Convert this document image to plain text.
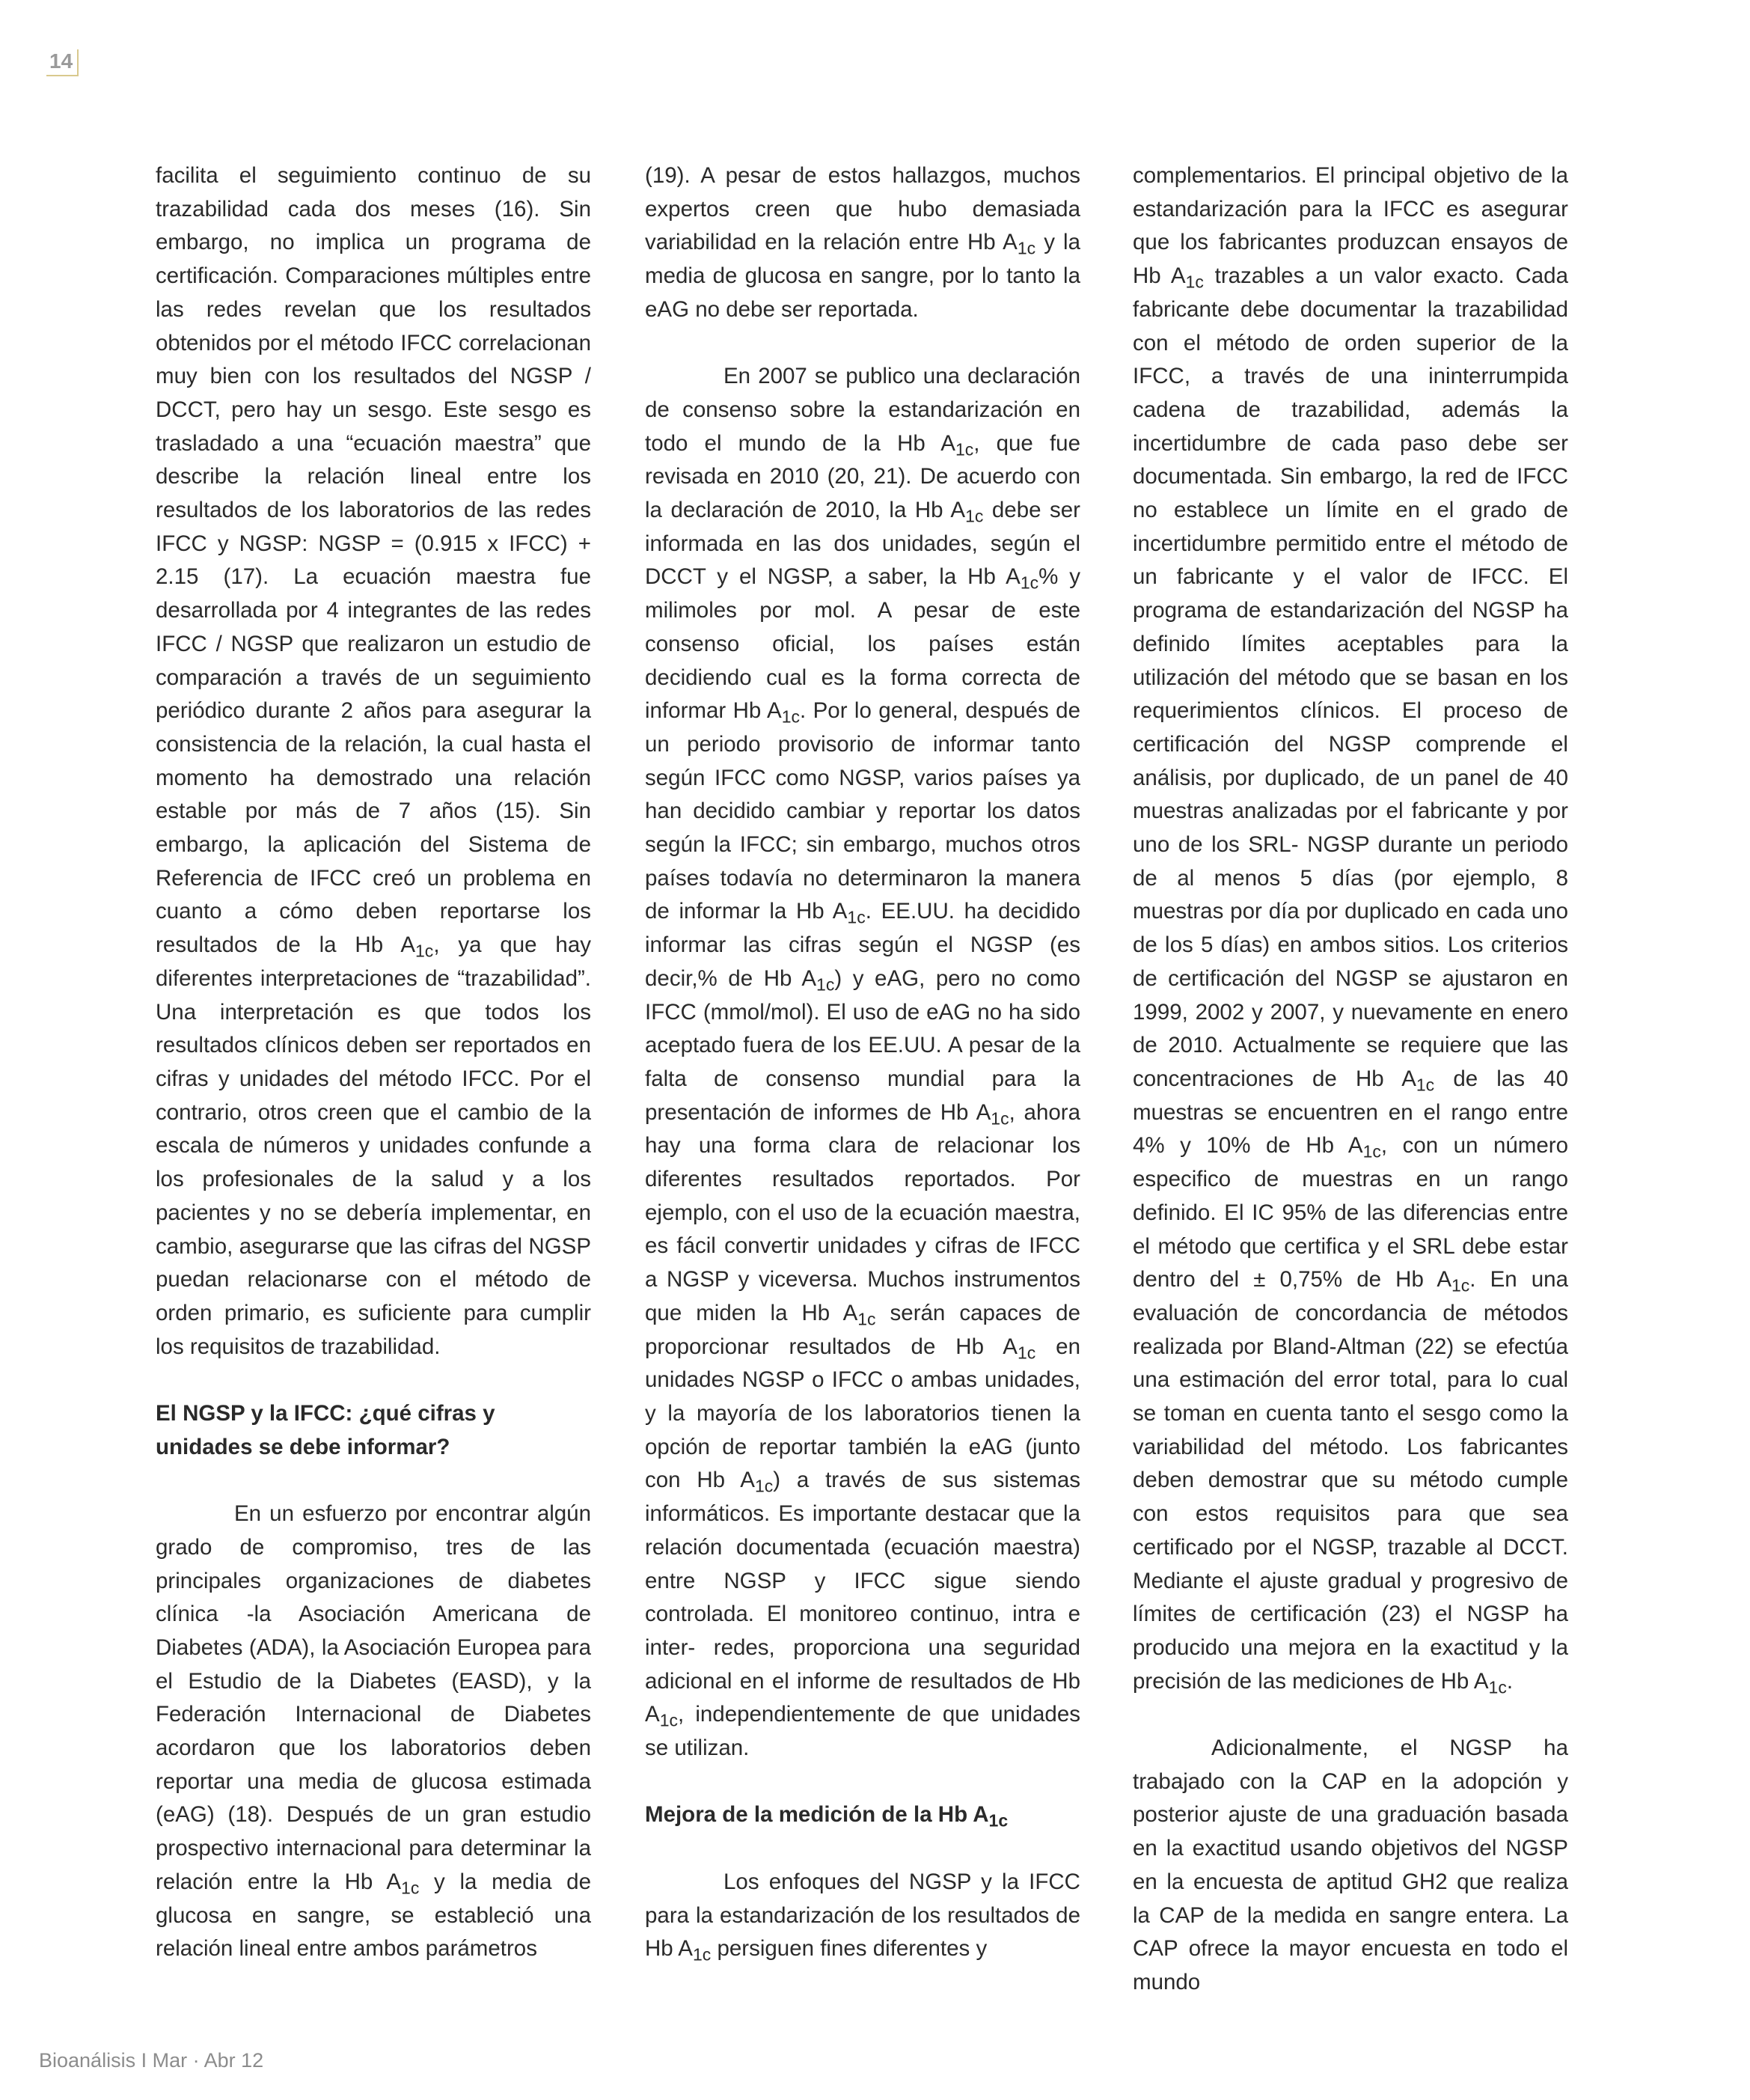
14

facilita el seguimiento continuo de su trazabilidad cada dos meses (16). Sin embargo, no implica un programa de certificación. Comparaciones múltiples entre las redes revelan que los resultados obtenidos por el método IFCC correlacionan muy bien con los resultados del NGSP / DCCT, pero hay un sesgo. Este sesgo es trasladado a una “ecuación maestra” que describe la relación lineal entre los resultados de los laboratorios de las redes IFCC y NGSP: NGSP = (0.915 x IFCC) + 2.15 (17). La ecuación maestra fue desarrollada por 4 integrantes de las redes IFCC / NGSP que realizaron un estudio de comparación a través de un seguimiento periódico durante 2 años para asegurar la consistencia de la relación, la cual hasta el momento ha demostrado una relación estable por más de 7 años (15). Sin embargo, la aplicación del Sistema de Referencia de IFCC creó un problema en cuanto a cómo deben reportarse los resultados de la Hb $A_{1c}$, ya que hay diferentes interpretaciones de “trazabilidad”. Una interpretación es que todos los resultados clínicos deben ser reportados en cifras y unidades del método IFCC. Por el contrario, otros creen que el cambio de la escala de números y unidades confunde a los profesionales de la salud y a los pacientes y no se debería implementar, en cambio, asegurarse que las cifras del NGSP puedan relacionarse con el método de orden primario, es suficiente para cumplir los requisitos de trazabilidad.

El NGSP y la IFCC: ¿qué cifras y unidades se debe informar?

En un esfuerzo por encontrar algún grado de compromiso, tres de las principales organizaciones de diabetes clínica -la Asociación Americana de Diabetes (ADA), la Asociación Europea para el Estudio de la Diabetes (EASD), y la Federación Internacional de Diabetes acordaron que los laboratorios deben reportar una media de glucosa estimada (eAG) (18). Después de un gran estudio prospectivo internacional para determinar la relación entre la Hb $A_{1c}$ y la media de glucosa en sangre, se estableció una relación lineal entre ambos parámetros

(19). A pesar de estos hallazgos, muchos expertos creen que hubo demasiada variabilidad en la relación entre Hb $A_{1c}$ y la media de glucosa en sangre, por lo tanto la eAG no debe ser reportada.

En 2007 se publico una declaración de consenso sobre la estandarización en todo el mundo de la Hb $A_{1c}$, que fue revisada en 2010 (20, 21). De acuerdo con la declaración de 2010, la Hb $A_{1c}$ debe ser informada en las dos unidades, según el DCCT y el NGSP, a saber, la Hb $A_{1c}\%$ y milimoles por mol. A pesar de este consenso oficial, los países están decidiendo cual es la forma correcta de informar Hb $A_{1c}$. Por lo general, después de un periodo provisorio de informar tanto según IFCC como NGSP, varios países ya han decidido cambiar y reportar los datos según la IFCC; sin embargo, muchos otros países todavía no determinaron la manera de informar la Hb $A_{1c}$. EE.UU. ha decidido informar las cifras según el NGSP (es decir,% de Hb $A_{1c}$) y eAG, pero no como IFCC (mmol/mol). El uso de eAG no ha sido aceptado fuera de los EE.UU. A pesar de la falta de consenso mundial para la presentación de informes de Hb $A_{1c}$, ahora hay una forma clara de relacionar los diferentes resultados reportados. Por ejemplo, con el uso de la ecuación maestra, es fácil convertir unidades y cifras de IFCC a NGSP y viceversa. Muchos instrumentos que miden la Hb $A_{1c}$ serán capaces de proporcionar resultados de Hb $A_{1c}$ en unidades NGSP o IFCC o ambas unidades, y la mayoría de los laboratorios tienen la opción de reportar también la eAG (junto con Hb $A_{1c}$) a través de sus sistemas informáticos. Es importante destacar que la relación documentada (ecuación maestra) entre NGSP y IFCC sigue siendo controlada. El monitoreo continuo, intra e inter- redes, proporciona una seguridad adicional en el informe de resultados de Hb $A_{1c}$, independientemente de que unidades se utilizan.

Mejora de la medición de la Hb $A_{1c}$

Los enfoques del NGSP y la IFCC para la estandarización de los resultados de Hb $A_{1c}$ persiguen fines diferentes y

complementarios. El principal objetivo de la estandarización para la IFCC es asegurar que los fabricantes produzcan ensayos de Hb $A_{1c}$ trazables a un valor exacto. Cada fabricante debe documentar la trazabilidad con el método de orden superior de la IFCC, a través de una ininterrumpida cadena de trazabilidad, además la incertidumbre de cada paso debe ser documentada. Sin embargo, la red de IFCC no establece un límite en el grado de incertidumbre permitido entre el método de un fabricante y el valor de IFCC. El programa de estandarización del NGSP ha definido límites aceptables para la utilización del método que se basan en los requerimientos clínicos. El proceso de certificación del NGSP comprende el análisis, por duplicado, de un panel de 40 muestras analizadas por el fabricante y por uno de los SRL- NGSP durante un periodo de al menos 5 días (por ejemplo, 8 muestras por día por duplicado en cada uno de los 5 días) en ambos sitios. Los criterios de certificación del NGSP se ajustaron en 1999, 2002 y 2007, y nuevamente en enero de 2010. Actualmente se requiere que las concentraciones de Hb $A_{1c}$ de las 40 muestras se encuentren en el rango entre 4% y 10% de Hb $A_{1c}$, con un número especifico de muestras en un rango definido. El IC 95% de las diferencias entre el método que certifica y el SRL debe estar dentro del ± 0,75% de Hb $A_{1c}$. En una evaluación de concordancia de métodos realizada por Bland-Altman (22) se efectúa una estimación del error total, para lo cual se toman en cuenta tanto el sesgo como la variabilidad del método. Los fabricantes deben demostrar que su método cumple con estos requisitos para que sea certificado por el NGSP, trazable al DCCT. Mediante el ajuste gradual y progresivo de límites de certificación (23) el NGSP ha producido una mejora en la exactitud y la precisión de las mediciones de Hb $A_{1c}$.

Adicionalmente, el NGSP ha trabajado con la CAP en la adopción y posterior ajuste de una graduación basada en la exactitud usando objetivos del NGSP en la encuesta de aptitud GH2 que realiza la CAP de la medida en sangre entera. La CAP ofrece la mayor encuesta en todo el mundo

Bioanálisis I Mar · Abr 12
